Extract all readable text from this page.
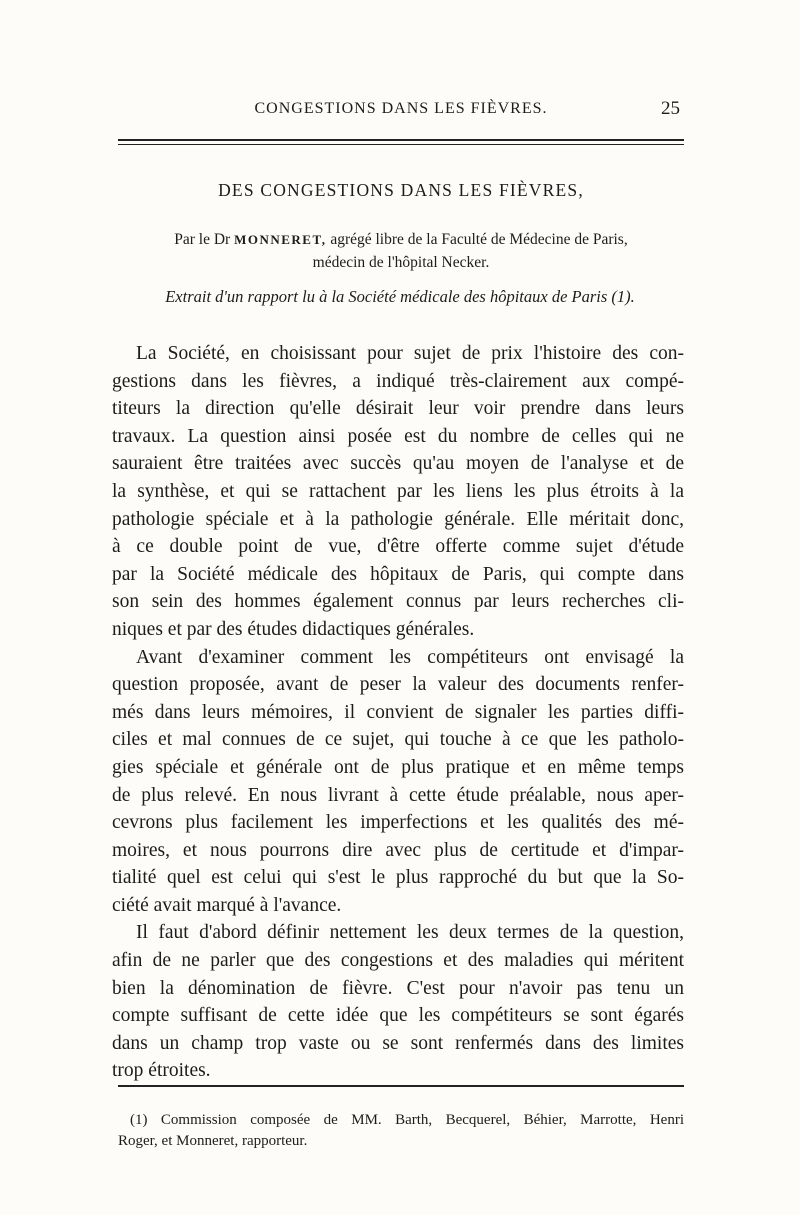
CONGESTIONS DANS LES FIÈVRES.	25
DES CONGESTIONS DANS LES FIÈVRES,
Par le Dr MONNERET, agrégé libre de la Faculté de Médecine de Paris,
médecin de l'hôpital Necker.
Extrait d'un rapport lu à la Société médicale des hôpitaux de Paris (1).
La Société, en choisissant pour sujet de prix l'histoire des con-
gestions dans les fièvres, a indiqué très-clairement aux compé-
titeurs la direction qu'elle désirait leur voir prendre dans leurs
travaux. La question ainsi posée est du nombre de celles qui ne
sauraient être traitées avec succès qu'au moyen de l'analyse et de
la synthèse, et qui se rattachent par les liens les plus étroits à la
pathologie spéciale et à la pathologie générale. Elle méritait donc,
à ce double point de vue, d'être offerte comme sujet d'étude
par la Société médicale des hôpitaux de Paris, qui compte dans
son sein des hommes également connus par leurs recherches cli-
niques et par des études didactiques générales.
Avant d'examiner comment les compétiteurs ont envisagé la
question proposée, avant de peser la valeur des documents renfer-
més dans leurs mémoires, il convient de signaler les parties diffi-
ciles et mal connues de ce sujet, qui touche à ce que les patholo-
gies spéciale et générale ont de plus pratique et en même temps
de plus relevé. En nous livrant à cette étude préalable, nous aper-
cevrons plus facilement les imperfections et les qualités des mé-
moires, et nous pourrons dire avec plus de certitude et d'impar-
tialité quel est celui qui s'est le plus rapproché du but que la So-
ciété avait marqué à l'avance.
Il faut d'abord définir nettement les deux termes de la question,
afin de ne parler que des congestions et des maladies qui méritent
bien la dénomination de fièvre. C'est pour n'avoir pas tenu un
compte suffisant de cette idée que les compétiteurs se sont égarés
dans un champ trop vaste ou se sont renfermés dans des limites
trop étroites.
(1) Commission composée de MM. Barth, Becquerel, Béhier, Marrotte, Henri
Roger, et Monneret, rapporteur.
